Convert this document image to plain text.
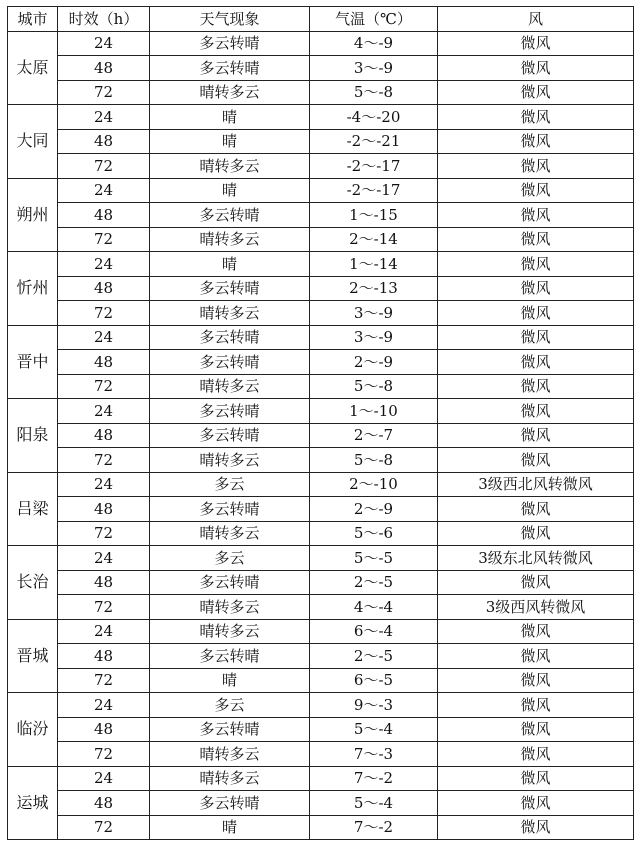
城市	时效（h）	天气现象	气温（℃）	风
太原	24	多云转晴	4～-9	微风
	48	多云转晴	3～-9	微风
	72	晴转多云	5～-8	微风
大同	24	晴	-4～-20	微风
	48	晴	-2～-21	微风
	72	晴转多云	-2～-17	微风
朔州	24	晴	-2～-17	微风
	48	多云转晴	1～-15	微风
	72	晴转多云	2～-14	微风
忻州	24	晴	1～-14	微风
	48	多云转晴	2～-13	微风
	72	晴转多云	3～-9	微风
晋中	24	多云转晴	3～-9	微风
	48	多云转晴	2～-9	微风
	72	晴转多云	5～-8	微风
阳泉	24	多云转晴	1～-10	微风
	48	多云转晴	2～-7	微风
	72	晴转多云	5～-8	微风
吕梁	24	多云	2～-10	3级西北风转微风
	48	多云转晴	2～-9	微风
	72	晴转多云	5～-6	微风
长治	24	多云	5～-5	3级东北风转微风
	48	多云转晴	2～-5	微风
	72	晴转多云	4～-4	3级西风转微风
晋城	24	晴转多云	6～-4	微风
	48	多云转晴	2～-5	微风
	72	晴	6～-5	微风
临汾	24	多云	9～-3	微风
	48	多云转晴	5～-4	微风
	72	晴转多云	7～-3	微风
运城	24	晴转多云	7～-2	微风
	48	多云转晴	5～-4	微风
	72	晴	7～-2	微风
